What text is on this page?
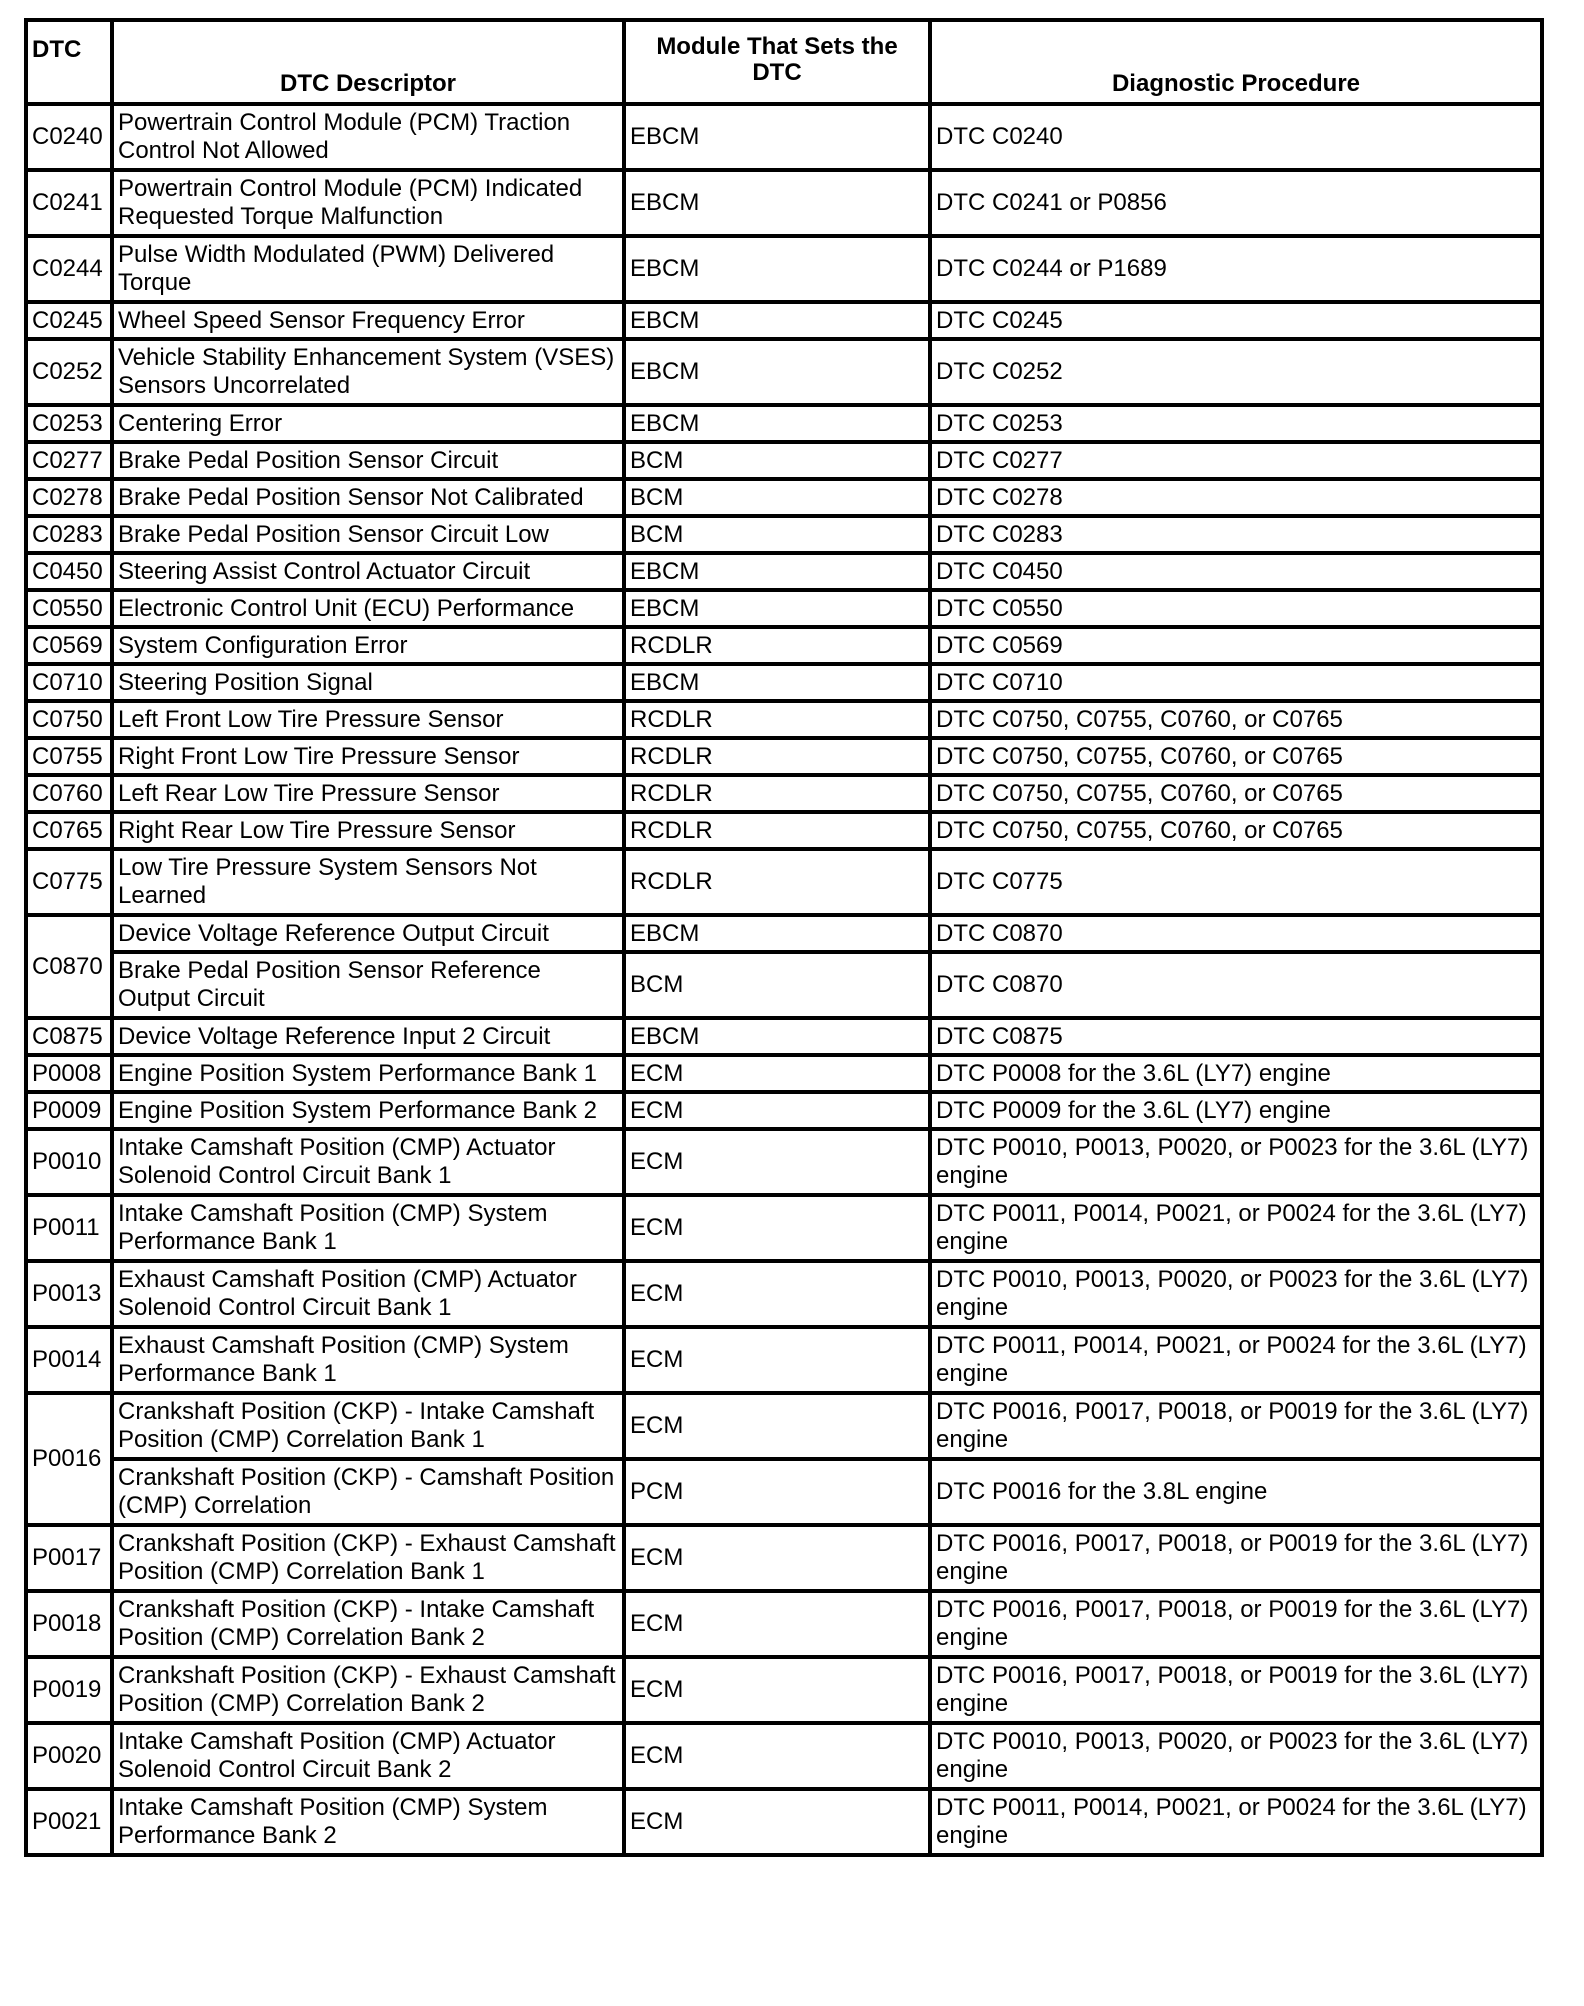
DTC	DTC Descriptor	Module That Sets the DTC	Diagnostic Procedure
C0240	Powertrain Control Module (PCM) Traction Control Not Allowed	EBCM	DTC C0240
C0241	Powertrain Control Module (PCM) Indicated Requested Torque Malfunction	EBCM	DTC C0241 or P0856
C0244	Pulse Width Modulated (PWM) Delivered Torque	EBCM	DTC C0244 or P1689
C0245	Wheel Speed Sensor Frequency Error	EBCM	DTC C0245
C0252	Vehicle Stability Enhancement System (VSES) Sensors Uncorrelated	EBCM	DTC C0252
C0253	Centering Error	EBCM	DTC C0253
C0277	Brake Pedal Position Sensor Circuit	BCM	DTC C0277
C0278	Brake Pedal Position Sensor Not Calibrated	BCM	DTC C0278
C0283	Brake Pedal Position Sensor Circuit Low	BCM	DTC C0283
C0450	Steering Assist Control Actuator Circuit	EBCM	DTC C0450
C0550	Electronic Control Unit (ECU) Performance	EBCM	DTC C0550
C0569	System Configuration Error	RCDLR	DTC C0569
C0710	Steering Position Signal	EBCM	DTC C0710
C0750	Left Front Low Tire Pressure Sensor	RCDLR	DTC C0750, C0755, C0760, or C0765
C0755	Right Front Low Tire Pressure Sensor	RCDLR	DTC C0750, C0755, C0760, or C0765
C0760	Left Rear Low Tire Pressure Sensor	RCDLR	DTC C0750, C0755, C0760, or C0765
C0765	Right Rear Low Tire Pressure Sensor	RCDLR	DTC C0750, C0755, C0760, or C0765
C0775	Low Tire Pressure System Sensors Not Learned	RCDLR	DTC C0775
C0870	Device Voltage Reference Output Circuit	EBCM	DTC C0870
	Brake Pedal Position Sensor Reference Output Circuit	BCM	DTC C0870
C0875	Device Voltage Reference Input 2 Circuit	EBCM	DTC C0875
P0008	Engine Position System Performance Bank 1	ECM	DTC P0008 for the 3.6L (LY7) engine
P0009	Engine Position System Performance Bank 2	ECM	DTC P0009 for the 3.6L (LY7) engine
P0010	Intake Camshaft Position (CMP) Actuator Solenoid Control Circuit Bank 1	ECM	DTC P0010, P0013, P0020, or P0023 for the 3.6L (LY7) engine
P0011	Intake Camshaft Position (CMP) System Performance Bank 1	ECM	DTC P0011, P0014, P0021, or P0024 for the 3.6L (LY7) engine
P0013	Exhaust Camshaft Position (CMP) Actuator Solenoid Control Circuit Bank 1	ECM	DTC P0010, P0013, P0020, or P0023 for the 3.6L (LY7) engine
P0014	Exhaust Camshaft Position (CMP) System Performance Bank 1	ECM	DTC P0011, P0014, P0021, or P0024 for the 3.6L (LY7) engine
P0016	Crankshaft Position (CKP) - Intake Camshaft Position (CMP) Correlation Bank 1	ECM	DTC P0016, P0017, P0018, or P0019 for the 3.6L (LY7) engine
	Crankshaft Position (CKP) - Camshaft Position (CMP) Correlation	PCM	DTC P0016 for the 3.8L engine
P0017	Crankshaft Position (CKP) - Exhaust Camshaft Position (CMP) Correlation Bank 1	ECM	DTC P0016, P0017, P0018, or P0019 for the 3.6L (LY7) engine
P0018	Crankshaft Position (CKP) - Intake Camshaft Position (CMP) Correlation Bank 2	ECM	DTC P0016, P0017, P0018, or P0019 for the 3.6L (LY7) engine
P0019	Crankshaft Position (CKP) - Exhaust Camshaft Position (CMP) Correlation Bank 2	ECM	DTC P0016, P0017, P0018, or P0019 for the 3.6L (LY7) engine
P0020	Intake Camshaft Position (CMP) Actuator Solenoid Control Circuit Bank 2	ECM	DTC P0010, P0013, P0020, or P0023 for the 3.6L (LY7) engine
P0021	Intake Camshaft Position (CMP) System Performance Bank 2	ECM	DTC P0011, P0014, P0021, or P0024 for the 3.6L (LY7) engine
